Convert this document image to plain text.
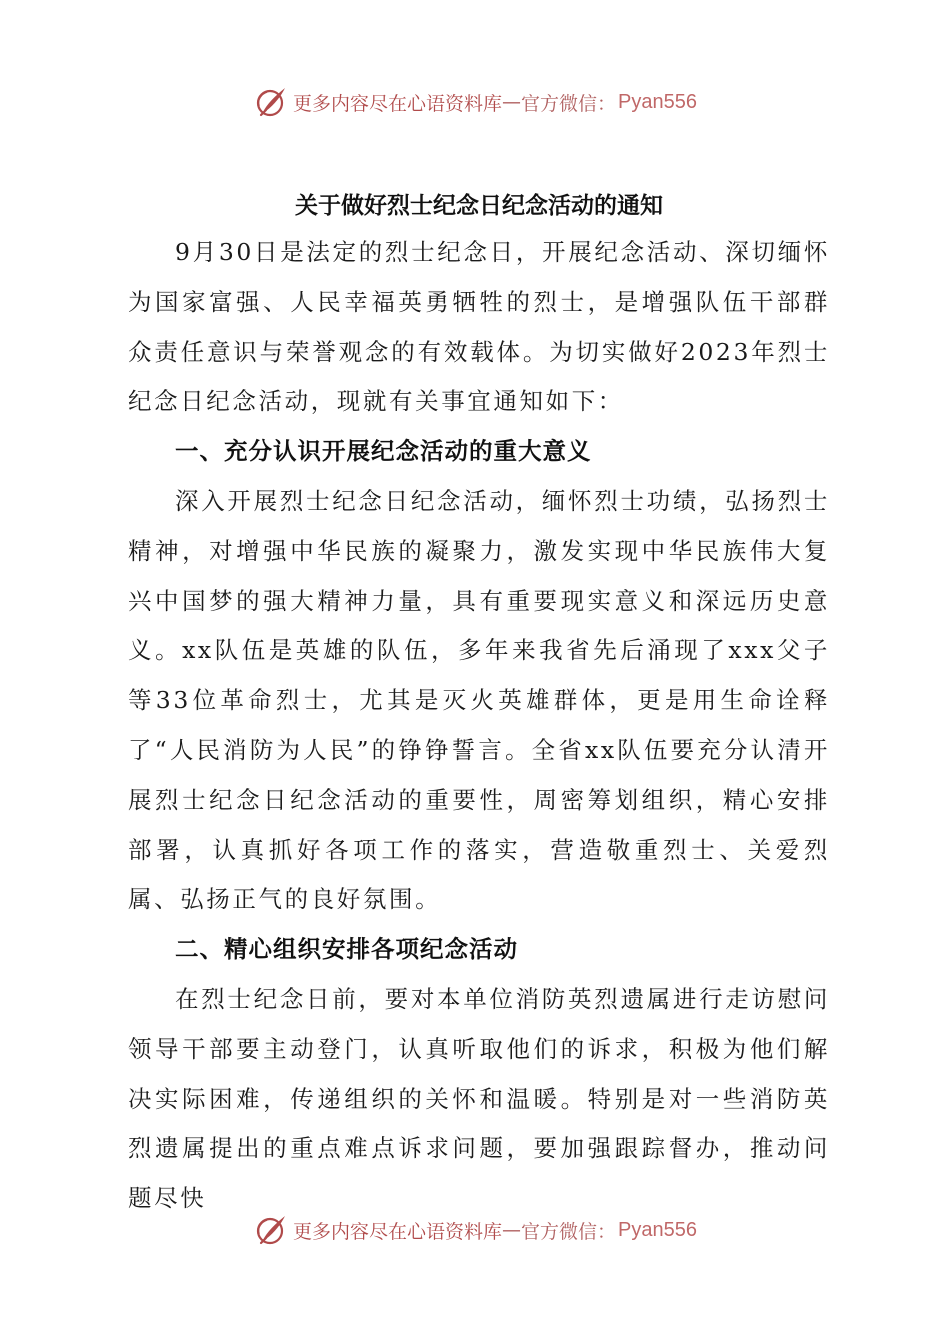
更多内容尽在心语资料库 — 官方微信： Pyan556
关于做好烈士纪念日纪念活动的通知

9月30日是法定的烈士纪念日，开展纪念活动、深切缅怀为国家富强、人民幸福英勇牺牲的烈士，是增强队伍干部群众责任意识与荣誉观念的有效载体。为切实做好2023年烈士纪念日纪念活动，现就有关事宜通知如下：

一、充分认识开展纪念活动的重大意义

深入开展烈士纪念日纪念活动，缅怀烈士功绩，弘扬烈士精神，对增强中华民族的凝聚力，激发实现中华民族伟大复兴中国梦的强大精神力量，具有重要现实意义和深远历史意义。xx队伍是英雄的队伍，多年来我省先后涌现了xxx父子等33位革命烈士，尤其是灭火英雄群体，更是用生命诠释了“人民消防为人民”的铮铮誓言。全省xx队伍要充分认清开展烈士纪念日纪念活动的重要性，周密筹划组织，精心安排部署，认真抓好各项工作的落实，营造敬重烈士、关爱烈属、弘扬正气的良好氛围。

二、精心组织安排各项纪念活动

在烈士纪念日前，要对本单位消防英烈遗属进行走访慰问领导干部要主动登门，认真听取他们的诉求，积极为他们解决实际困难，传递组织的关怀和温暖。特别是对一些消防英烈遗属提出的重点难点诉求问题，要加强跟踪督办，推动问题尽快

更多内容尽在心语资料库 — 官方微信： Pyan556
